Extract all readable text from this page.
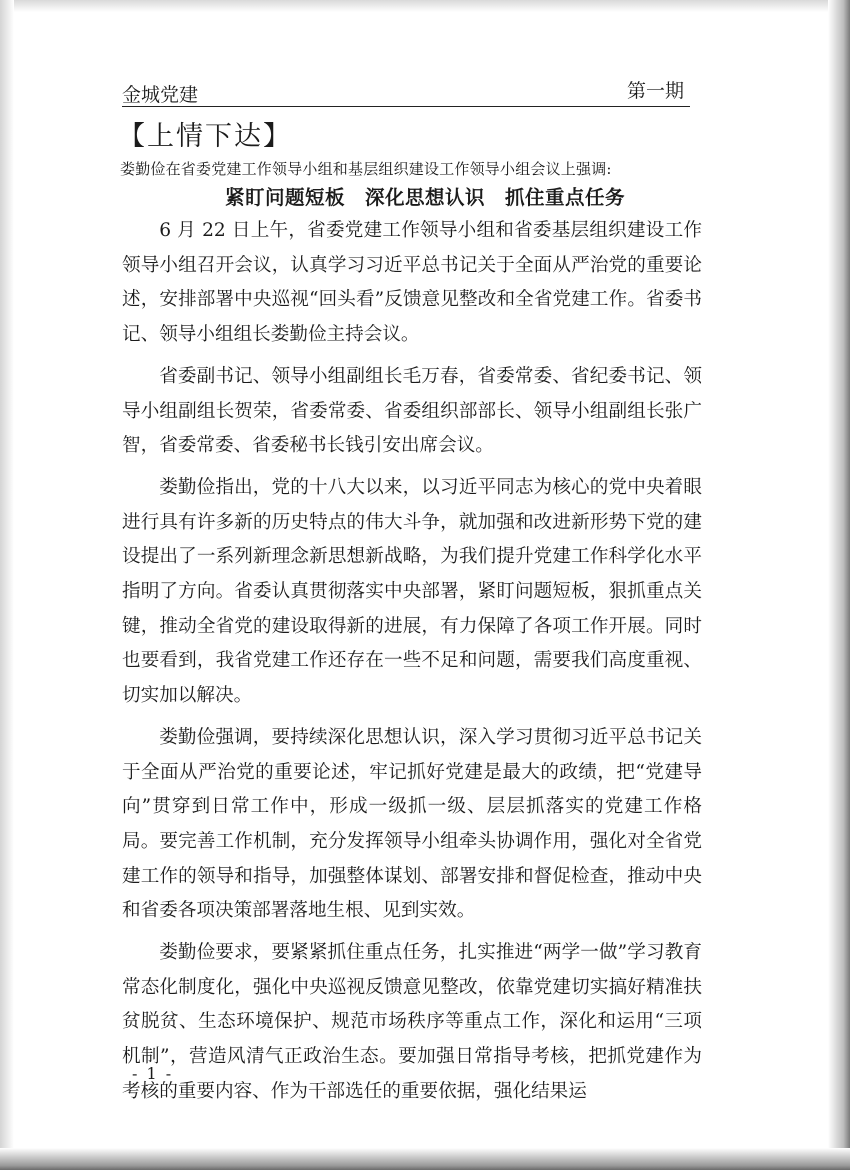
金城党建	第一期
【上情下达】
娄勤俭在省委党建工作领导小组和基层组织建设工作领导小组会议上强调:
紧盯问题短板　深化思想认识　抓住重点任务

6 月 22 日上午，省委党建工作领导小组和省委基层组织建设工作领导小组召开会议，认真学习习近平总书记关于全面从严治党的重要论述，安排部署中央巡视“回头看”反馈意见整改和全省党建工作。省委书记、领导小组组长娄勤俭主持会议。

省委副书记、领导小组副组长毛万春，省委常委、省纪委书记、领导小组副组长贺荣，省委常委、省委组织部部长、领导小组副组长张广智，省委常委、省委秘书长钱引安出席会议。

娄勤俭指出，党的十八大以来，以习近平同志为核心的党中央着眼进行具有许多新的历史特点的伟大斗争，就加强和改进新形势下党的建设提出了一系列新理念新思想新战略，为我们提升党建工作科学化水平指明了方向。省委认真贯彻落实中央部署，紧盯问题短板，狠抓重点关键，推动全省党的建设取得新的进展，有力保障了各项工作开展。同时也要看到，我省党建工作还存在一些不足和问题，需要我们高度重视、切实加以解决。

娄勤俭强调，要持续深化思想认识，深入学习贯彻习近平总书记关于全面从严治党的重要论述，牢记抓好党建是最大的政绩，把“党建导向”贯穿到日常工作中，形成一级抓一级、层层抓落实的党建工作格局。要完善工作机制，充分发挥领导小组牵头协调作用，强化对全省党建工作的领导和指导，加强整体谋划、部署安排和督促检查，推动中央和省委各项决策部署落地生根、见到实效。

娄勤俭要求，要紧紧抓住重点任务，扎实推进“两学一做”学习教育常态化制度化，强化中央巡视反馈意见整改，依靠党建切实搞好精准扶贫脱贫、生态环境保护、规范市场秩序等重点工作，深化和运用“三项机制”，营造风清气正政治生态。要加强日常指导考核，把抓党建作为考核的重要内容、作为干部选任的重要依据，强化结果运

- 1 -
